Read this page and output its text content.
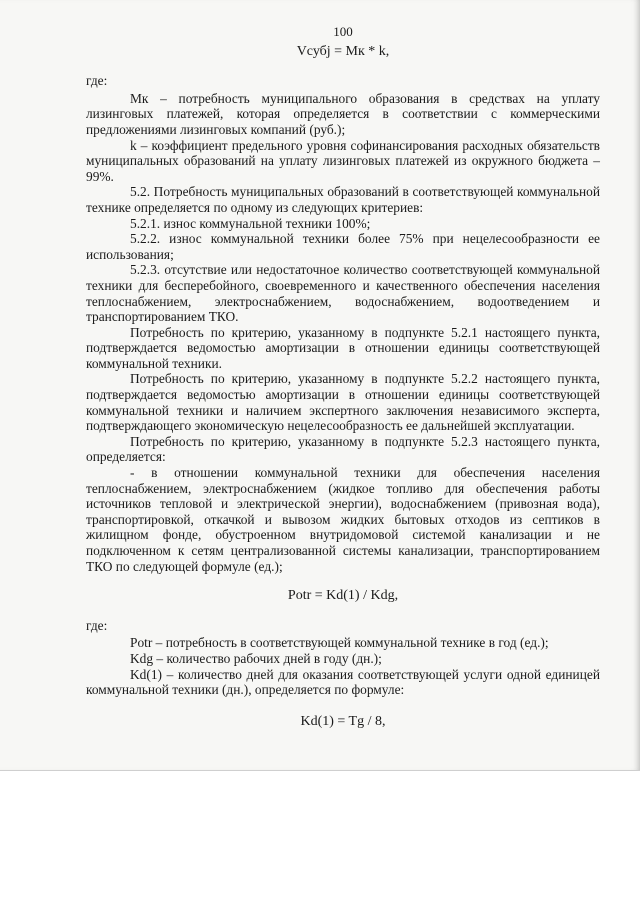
100
Vсубj = Мк * k,
где:

Мк – потребность муниципального образования в средствах на уплату лизинговых платежей, которая определяется в соответствии с коммерческими предложениями лизинговых компаний (руб.);

k – коэффициент предельного уровня софинансирования расходных обязательств муниципальных образований на уплату лизинговых платежей из окружного бюджета – 99%.

5.2. Потребность муниципальных образований в соответствующей коммунальной технике определяется по одному из следующих критериев:

5.2.1. износ коммунальной техники 100%;

5.2.2. износ коммунальной техники более 75% при нецелесообразности ее использования;

5.2.3. отсутствие или недостаточное количество соответствующей коммунальной техники для бесперебойного, своевременного и качественного обеспечения населения теплоснабжением, электроснабжением, водоснабжением, водоотведением и транспортированием ТКО.

Потребность по критерию, указанному в подпункте 5.2.1 настоящего пункта, подтверждается ведомостью амортизации в отношении единицы соответствующей коммунальной техники.

Потребность по критерию, указанному в подпункте 5.2.2 настоящего пункта, подтверждается ведомостью амортизации в отношении единицы соответствующей коммунальной техники и наличием экспертного заключения независимого эксперта, подтверждающего экономическую нецелесообразность ее дальнейшей эксплуатации.

Потребность по критерию, указанному в подпункте 5.2.3 настоящего пункта, определяется:

- в отношении коммунальной техники для обеспечения населения теплоснабжением, электроснабжением (жидкое топливо для обеспечения работы источников тепловой и электрической энергии), водоснабжением (привозная вода), транспортировкой, откачкой и вывозом жидких бытовых отходов из септиков в жилищном фонде, обустроенном внутридомовой системой канализации и не подключенном к сетям централизованной системы канализации, транспортированием ТКО по следующей формуле (ед.);

Potr = Kd(1) / Kdg,
где:

Potr – потребность в соответствующей коммунальной технике в год (ед.);

Kdg – количество рабочих дней в году (дн.);

Kd(1) – количество дней для оказания соответствующей услуги одной единицей коммунальной техники (дн.), определяется по формуле:

Kd(1) = Tg / 8,
